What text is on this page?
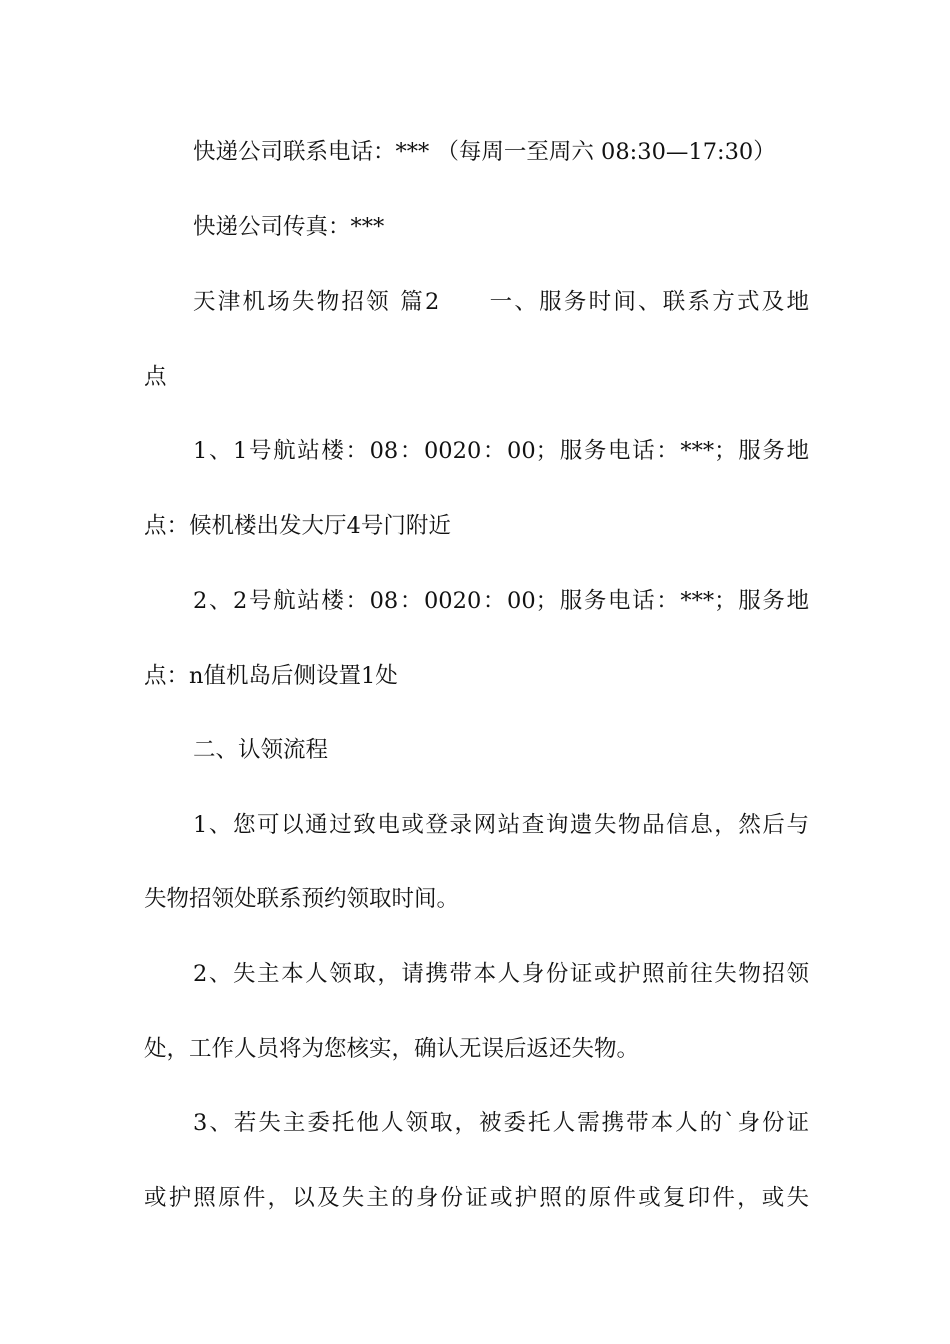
快递公司联系电话：*** （每周一至周六 08:30—17:30）
快递公司传真：***
天津机场失物招领 篇2 一、服务时间、联系方式及地
点
1、1号航站楼：08：0020：00；服务电话：***；服务地
点：候机楼出发大厅4号门附近
2、2号航站楼：08：0020：00；服务电话：***；服务地
点：n值机岛后侧设置1处
二、认领流程
1、您可以通过致电或登录网站查询遗失物品信息，然后与
失物招领处联系预约领取时间。
2、失主本人领取，请携带本人身份证或护照前往失物招领
处，工作人员将为您核实，确认无误后返还失物。
3、若失主委托他人领取，被委托人需携带本人的`身份证
或护照原件，以及失主的身份证或护照的原件或复印件，或失
